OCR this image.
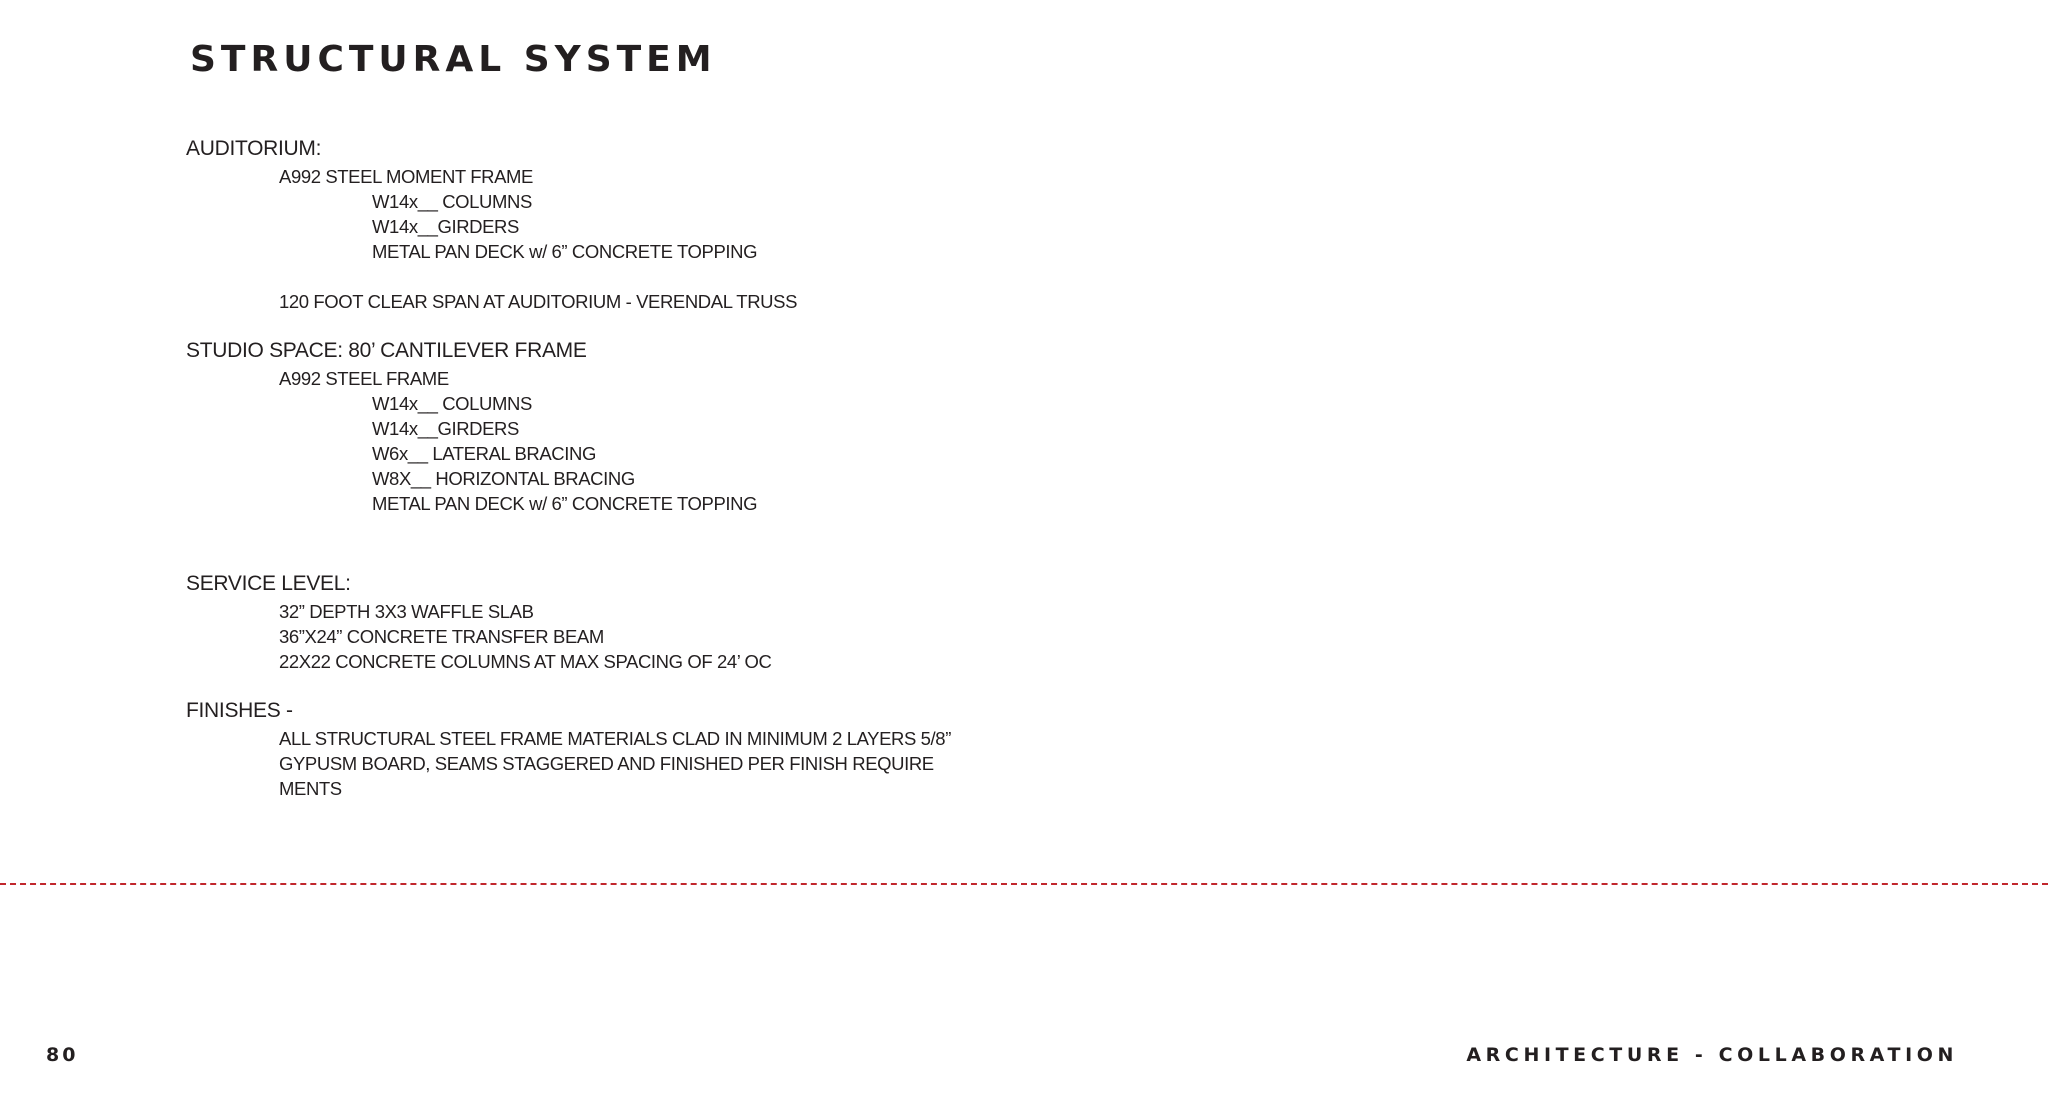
STRUCTURAL SYSTEM
AUDITORIUM:
A992 STEEL MOMENT FRAME
W14x__ COLUMNS
W14x__GIRDERS
METAL PAN DECK w/ 6” CONCRETE TOPPING
120 FOOT CLEAR SPAN AT AUDITORIUM - VERENDAL TRUSS
STUDIO SPACE: 80’ CANTILEVER FRAME
A992 STEEL FRAME
W14x__ COLUMNS
W14x__GIRDERS
W6x__ LATERAL BRACING
W8X__ HORIZONTAL BRACING
METAL PAN DECK w/ 6” CONCRETE TOPPING
SERVICE LEVEL:
32” DEPTH 3X3 WAFFLE SLAB
36”X24” CONCRETE TRANSFER BEAM
22X22 CONCRETE COLUMNS AT MAX SPACING OF 24’ OC
FINISHES -
ALL STRUCTURAL STEEL FRAME MATERIALS CLAD IN MINIMUM 2 LAYERS 5/8”
GYPUSM BOARD, SEAMS STAGGERED AND FINISHED PER FINISH REQUIRE
MENTS
80	ARCHITECTURE - COLLABORATION
